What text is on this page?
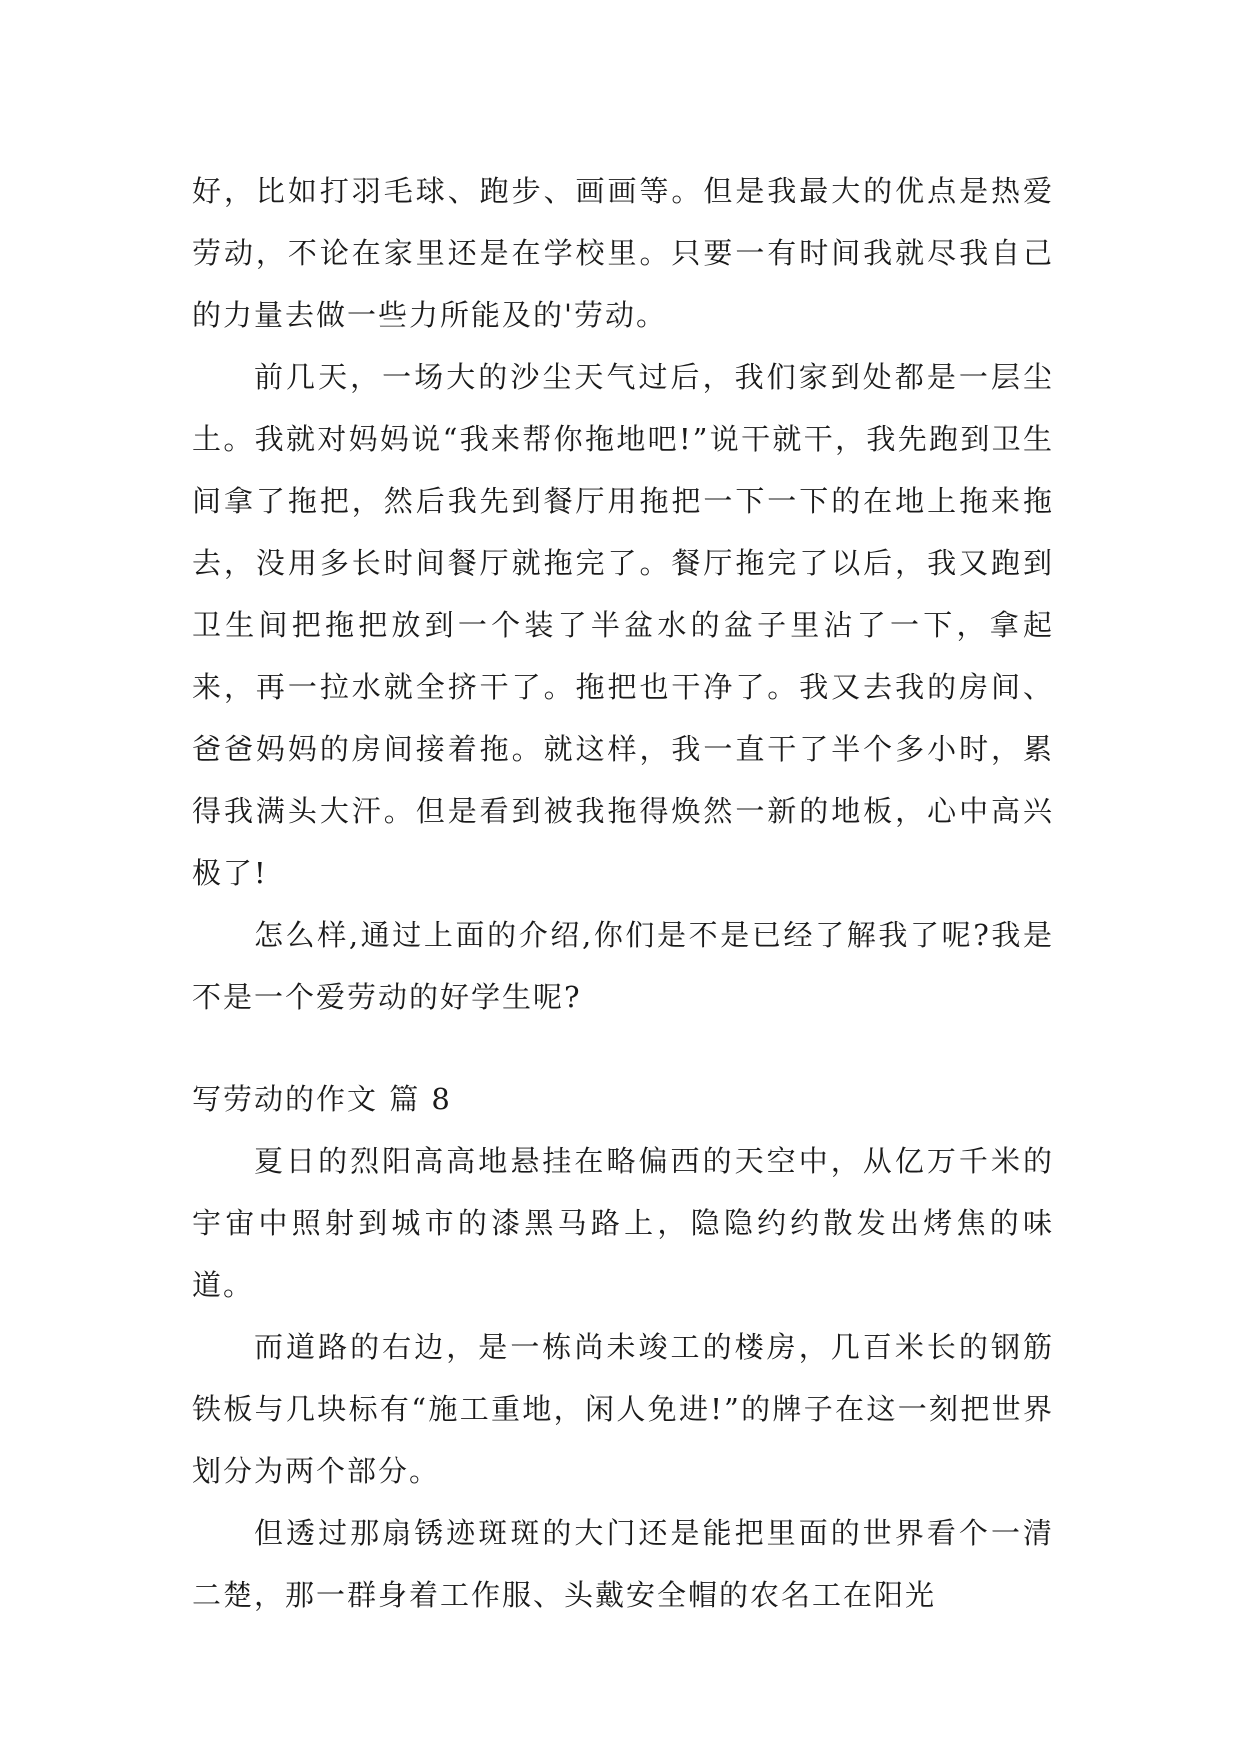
好，比如打羽毛球、跑步、画画等。但是我最大的优点是热爱劳动，不论在家里还是在学校里。只要一有时间我就尽我自己的力量去做一些力所能及的'劳动。

前几天，一场大的沙尘天气过后，我们家到处都是一层尘土。我就对妈妈说“我来帮你拖地吧!”说干就干，我先跑到卫生间拿了拖把，然后我先到餐厅用拖把一下一下的在地上拖来拖去，没用多长时间餐厅就拖完了。餐厅拖完了以后，我又跑到卫生间把拖把放到一个装了半盆水的盆子里沾了一下，拿起来，再一拉水就全挤干了。拖把也干净了。我又去我的房间、爸爸妈妈的房间接着拖。就这样，我一直干了半个多小时，累得我满头大汗。但是看到被我拖得焕然一新的地板，心中高兴极了!

怎么样,通过上面的介绍,你们是不是已经了解我了呢?我是不是一个爱劳动的好学生呢?

写劳动的作文 篇 8

夏日的烈阳高高地悬挂在略偏西的天空中，从亿万千米的宇宙中照射到城市的漆黑马路上，隐隐约约散发出烤焦的味道。

而道路的右边，是一栋尚未竣工的楼房，几百米长的钢筋铁板与几块标有“施工重地，闲人免进!”的牌子在这一刻把世界划分为两个部分。

但透过那扇锈迹斑斑的大门还是能把里面的世界看个一清二楚，那一群身着工作服、头戴安全帽的农名工在阳光
